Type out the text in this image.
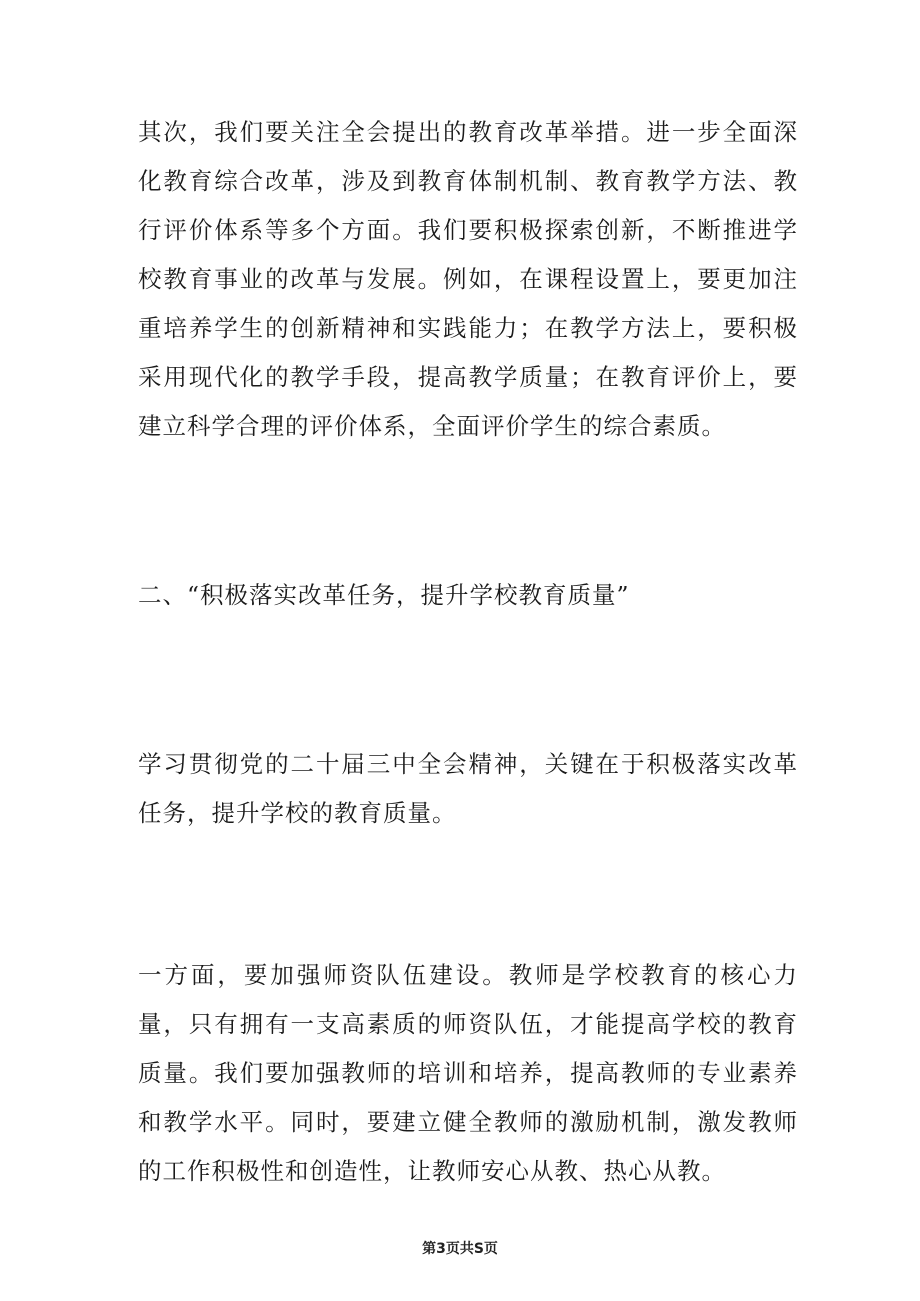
其次，我们要关注全会提出的教育改革举措。进一步全面深化教育综合改革，涉及到教育体制机制、教育教学方法、教行评价体系等多个方面。我们要积极探索创新，不断推进学校教育事业的改革与发展。例如，在课程设置上，要更加注重培养学生的创新精神和实践能力；在教学方法上，要积极采用现代化的教学手段，提高教学质量；在教育评价上，要建立科学合理的评价体系，全面评价学生的综合素质。

二、“积极落实改革任务，提升学校教育质量”

学习贯彻党的二十届三中全会精神，关键在于积极落实改革任务，提升学校的教育质量。

一方面，要加强师资队伍建设。教师是学校教育的核心力量，只有拥有一支高素质的师资队伍，才能提高学校的教育质量。我们要加强教师的培训和培养，提高教师的专业素养和教学水平。同时，要建立健全教师的激励机制，激发教师的工作积极性和创造性，让教师安心从教、热心从教。

第3页共S页
